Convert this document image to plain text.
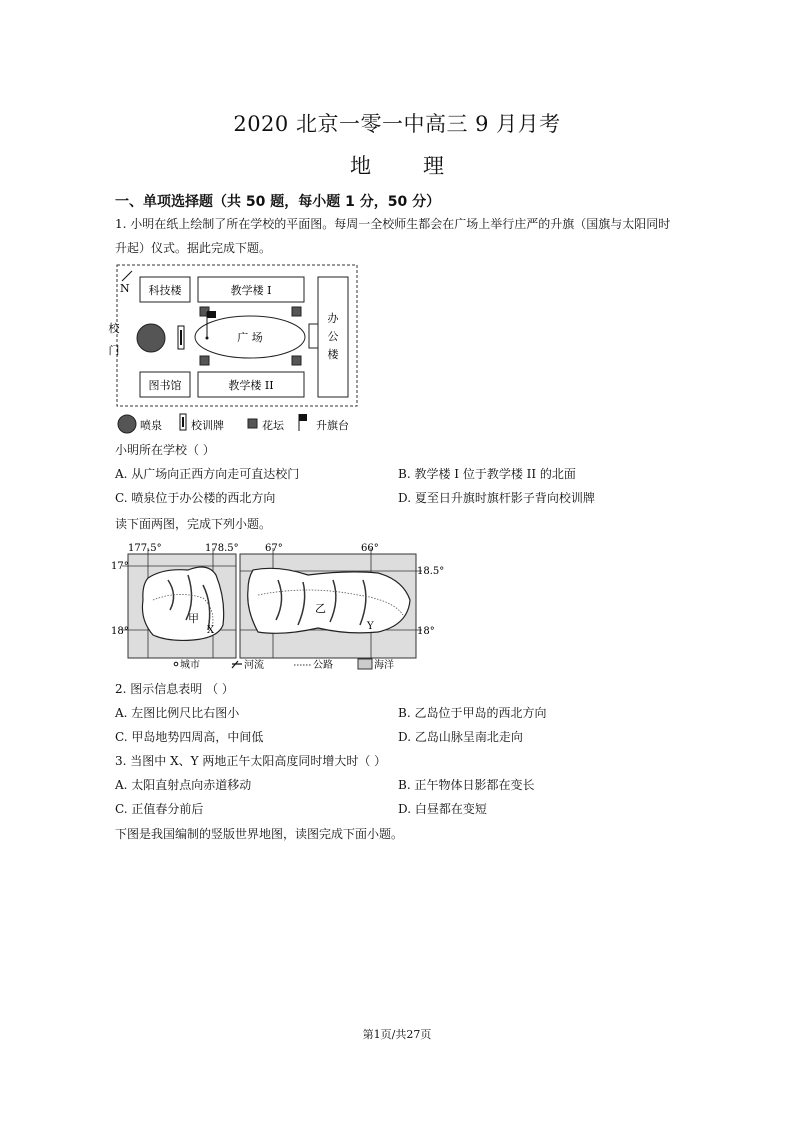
2020 北京一零一中高三 9 月月考
地 理
一、单项选择题（共 50 题，每小题 1 分，50 分）
1. 小明在纸上绘制了所在学校的平面图。每周一全校师生都会在广场上举行庄严的升旗（国旗与太阳同时
升起）仪式。据此完成下题。
N 科技楼	教学楼 I
办
公
楼
校
门
广 场
图书馆	教学楼 II
喷泉	校训牌	花坛	升旗台
小明所在学校（ ）
A. 从广场向正西方向走可直达校门	B. 教学楼 I 位于教学楼 II 的北面
C. 喷泉位于办公楼的西北方向	D. 夏至日升旗时旗杆影子背向校训牌
读下面两图，完成下列小题。
177.5°	178.5°
17°
18°
甲
X
67°	66°
18.5°
18°
乙
Y
城市	河流	公路	海洋
2. 图示信息表明 （ ）
A. 左图比例尺比右图小	B. 乙岛位于甲岛的西北方向
C. 甲岛地势四周高，中间低	D. 乙岛山脉呈南北走向
3. 当图中 X、Y 两地正午太阳高度同时增大时（ ）
A. 太阳直射点向赤道移动	B. 正午物体日影都在变长
C. 正值春分前后	D. 白昼都在变短
下图是我国编制的竖版世界地图，读图完成下面小题。
第1页/共27页
